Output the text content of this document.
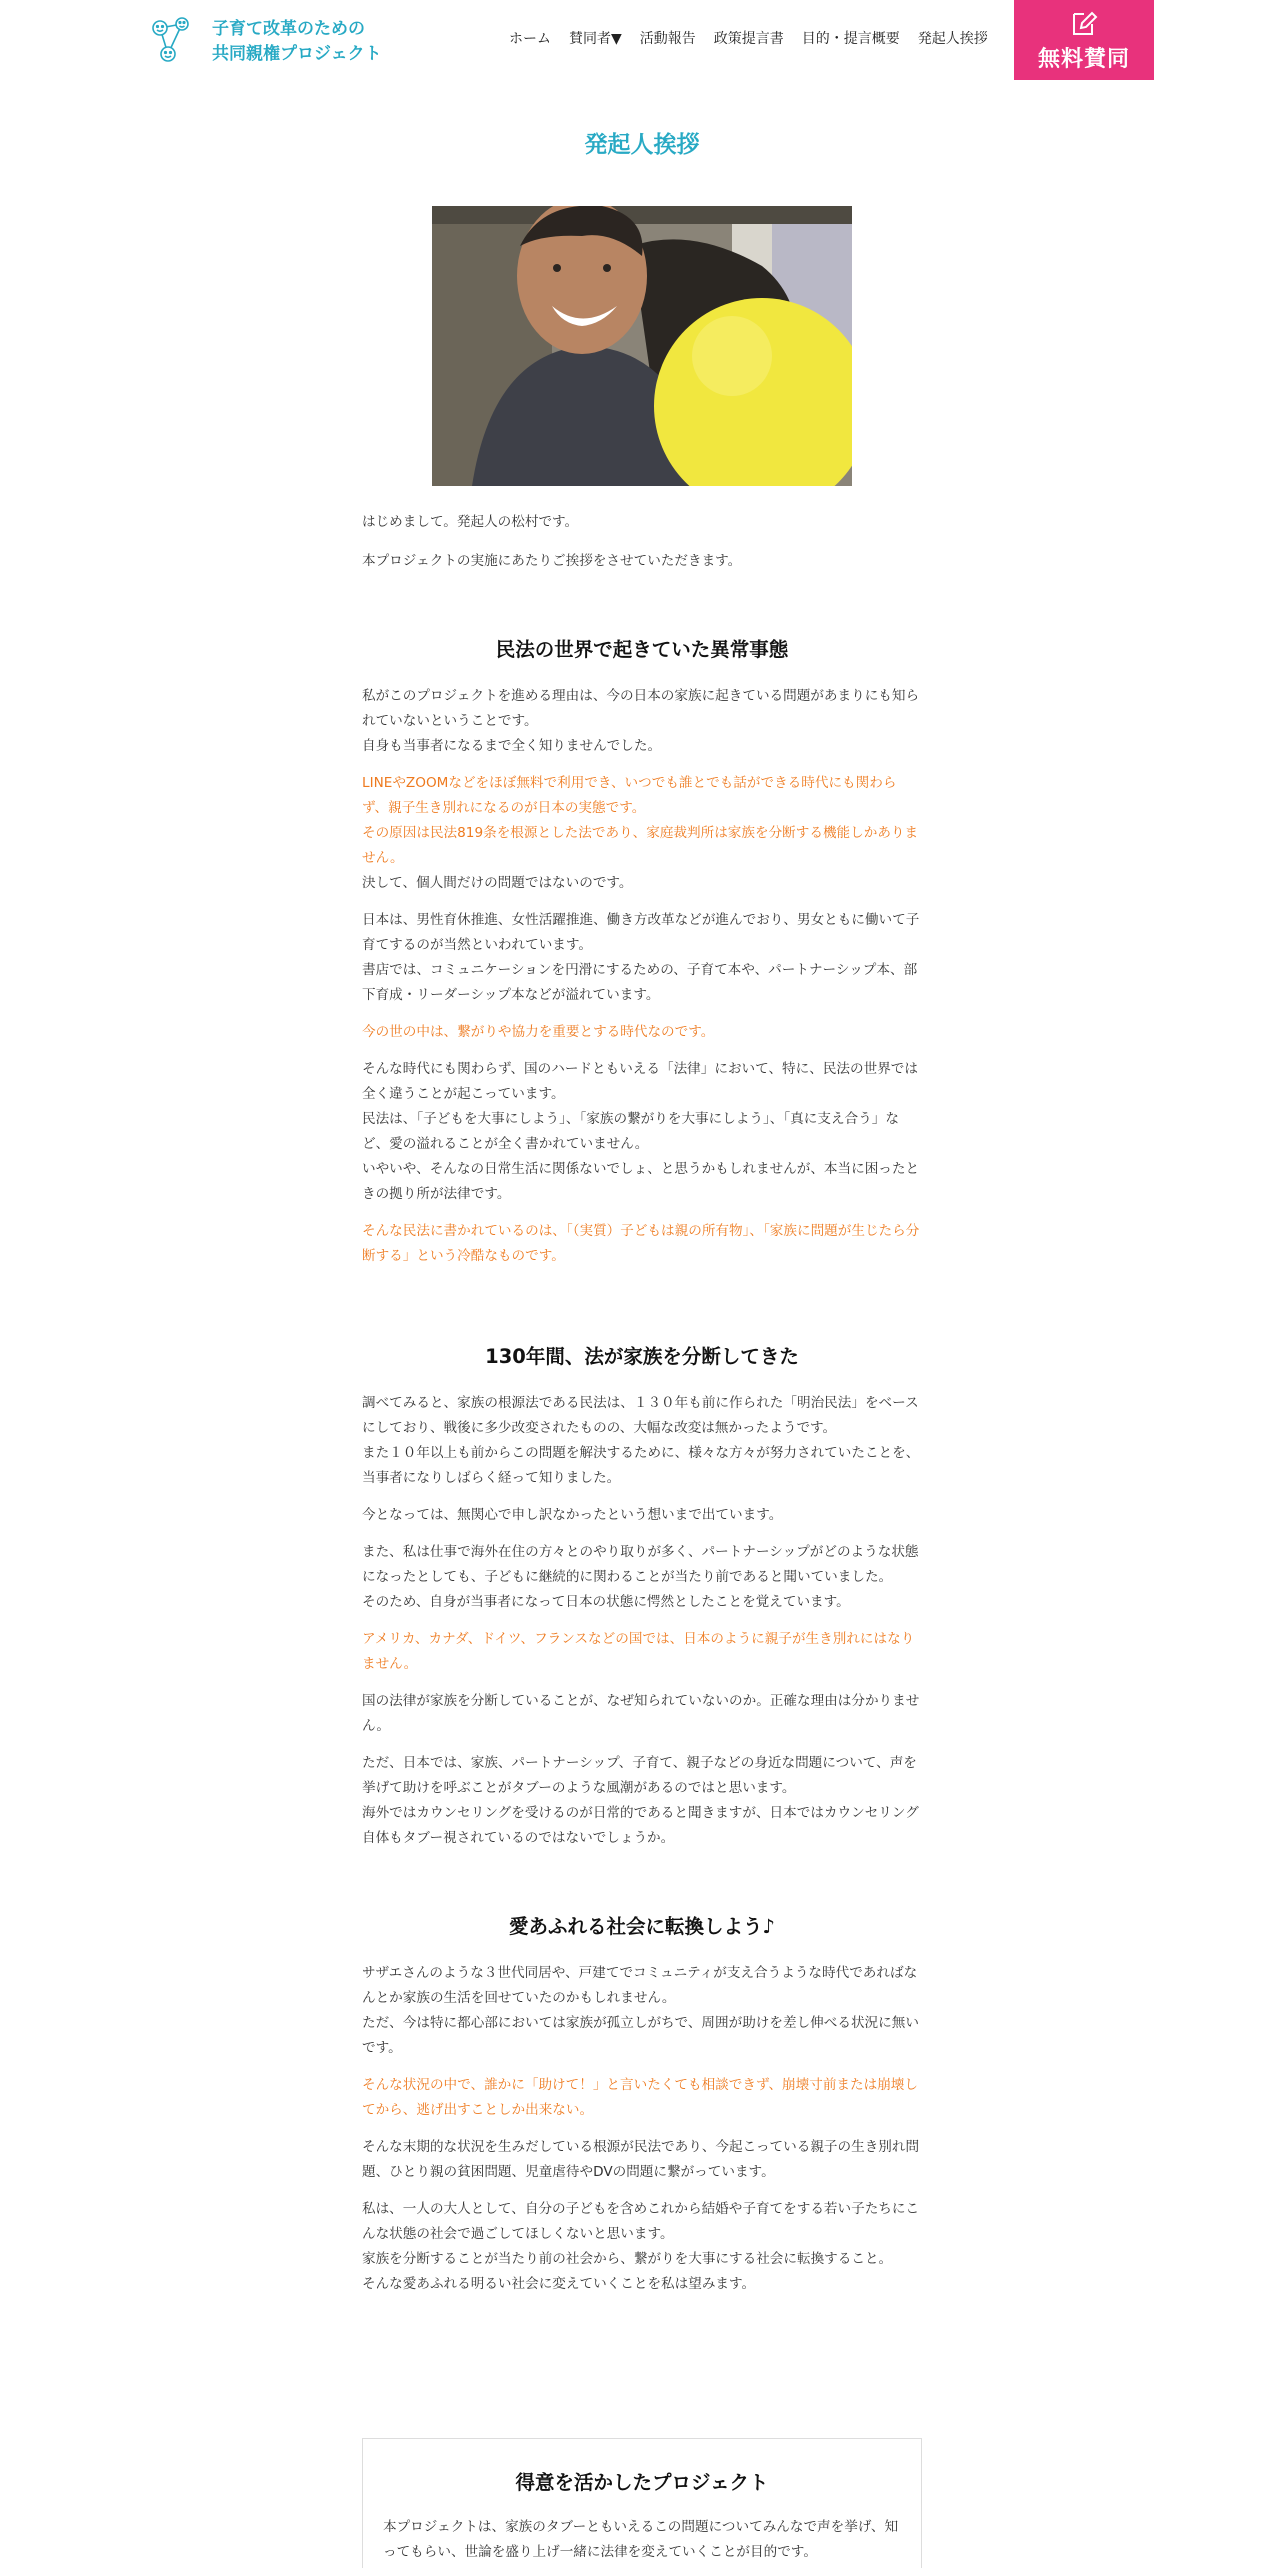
子育て改革のための
共同親権プロジェクト
ホーム	賛同者▼	活動報告	政策提言書	目的・提言概要	発起人挨拶
無料賛同
発起人挨拶

はじめまして。発起人の松村です。

本プロジェクトの実施にあたりご挨拶をさせていただきます。

民法の世界で起きていた異常事態

私がこのプロジェクトを進める理由は、今の日本の家族に起きている問題があまりにも知られていないということです。
自身も当事者になるまで全く知りませんでした。

LINEやZOOMなどをほぼ無料で利用でき、いつでも誰とでも話ができる時代にも関わらず、親子生き別れになるのが日本の実態です。
その原因は民法819条を根源とした法であり、家庭裁判所は家族を分断する機能しかありません。
決して、個人間だけの問題ではないのです。

日本は、男性育休推進、女性活躍推進、働き方改革などが進んでおり、男女ともに働いて子育てするのが当然といわれています。
書店では、コミュニケーションを円滑にするための、子育て本や、パートナーシップ本、部下育成・リーダーシップ本などが溢れています。

今の世の中は、繋がりや協力を重要とする時代なのです。

そんな時代にも関わらず、国のハードともいえる「法律」において、特に、民法の世界では全く違うことが起こっています。
民法は、「子どもを大事にしよう」、「家族の繋がりを大事にしよう」、「真に支え合う」など、愛の溢れることが全く書かれていません。
いやいや、そんなの日常生活に関係ないでしょ、と思うかもしれませんが、本当に困ったときの拠り所が法律です。

そんな民法に書かれているのは、「（実質）子どもは親の所有物」、「家族に問題が生じたら分断する」という冷酷なものです。

130年間、法が家族を分断してきた

調べてみると、家族の根源法である民法は、１３０年も前に作られた「明治民法」をベースにしており、戦後に多少改変されたものの、大幅な改変は無かったようです。
また１０年以上も前からこの問題を解決するために、様々な方々が努力されていたことを、当事者になりしばらく経って知りました。

今となっては、無関心で申し訳なかったという想いまで出ています。

また、私は仕事で海外在住の方々とのやり取りが多く、パートナーシップがどのような状態になったとしても、子どもに継続的に関わることが当たり前であると聞いていました。
そのため、自身が当事者になって日本の状態に愕然としたことを覚えています。

アメリカ、カナダ、ドイツ、フランスなどの国では、日本のように親子が生き別れにはなりません。

国の法律が家族を分断していることが、なぜ知られていないのか。正確な理由は分かりません。

ただ、日本では、家族、パートナーシップ、子育て、親子などの身近な問題について、声を挙げて助けを呼ぶことがタブーのような風潮があるのではと思います。
海外ではカウンセリングを受けるのが日常的であると聞きますが、日本ではカウンセリング自体もタブー視されているのではないでしょうか。

愛あふれる社会に転換しよう♪

サザエさんのような３世代同居や、戸建てでコミュニティが支え合うような時代であればなんとか家族の生活を回せていたのかもしれません。
ただ、今は特に都心部においては家族が孤立しがちで、周囲が助けを差し伸べる状況に無いです。

そんな状況の中で、誰かに「助けて！」と言いたくても相談できず、崩壊寸前または崩壊してから、逃げ出すことしか出来ない。

そんな末期的な状況を生みだしている根源が民法であり、今起こっている親子の生き別れ問題、ひとり親の貧困問題、児童虐待やDVの問題に繋がっています。

私は、一人の大人として、自分の子どもを含めこれから結婚や子育てをする若い子たちにこんな状態の社会で過ごしてほしくないと思います。
家族を分断することが当たり前の社会から、繋がりを大事にする社会に転換すること。
そんな愛あふれる明るい社会に変えていくことを私は望みます。

得意を活かしたプロジェクト

本プロジェクトは、家族のタブーともいえるこの問題についてみんなで声を挙げ、知ってもらい、世論を盛り上げ一緒に法律を変えていくことが目的です。
